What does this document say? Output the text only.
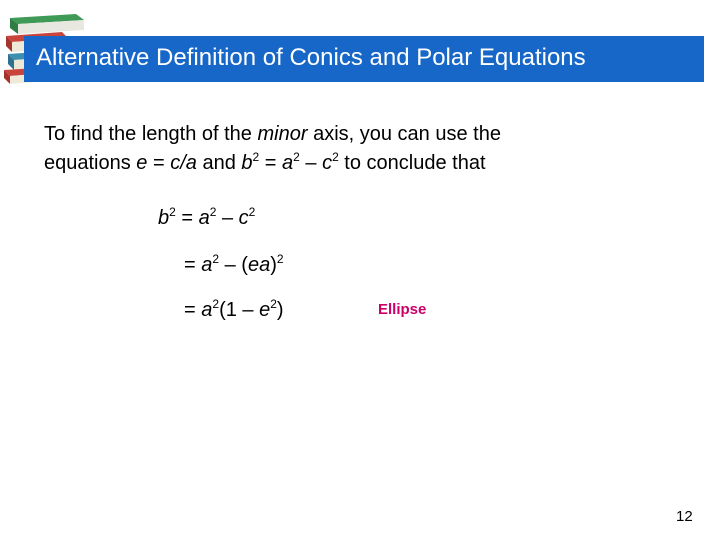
Alternative Definition of Conics and Polar Equations
To find the length of the minor axis, you can use the
equations e = c/a and $b^2 = a^2 - c^2$ to conclude that
$b^2 = a^2 - c^2$
= $a^2 - (ea)^2$
= $a^2(1 - e^2)$	Ellipse
12
